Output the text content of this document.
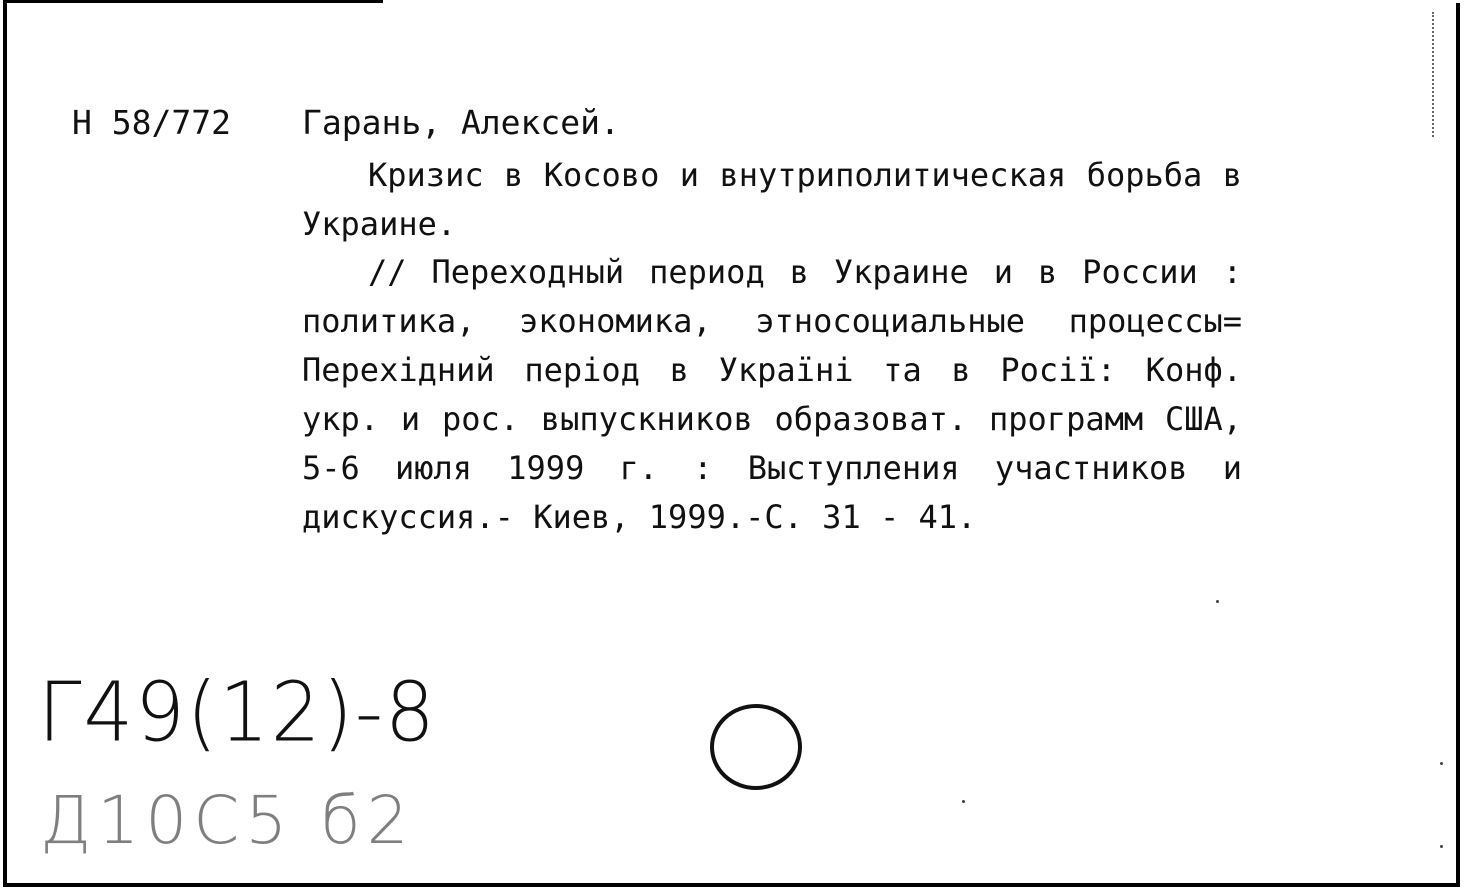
Н 58/772 Гарань, Алексей.

Кризис в Косово и внутриполитическая борьба в Украине.

// Переходный период в Украине и в России : политика, экономика, этносоциальные процессы= Перехідний період в Україні та в Росії: Конф. укр. и рос. выпускников образоват. программ США, 5-6 июля 1999 г. : Выступления участников и дискуссия.- Киев, 1999.-С. 31 - 41.

Г49(12)-8
Д10С5 б2
